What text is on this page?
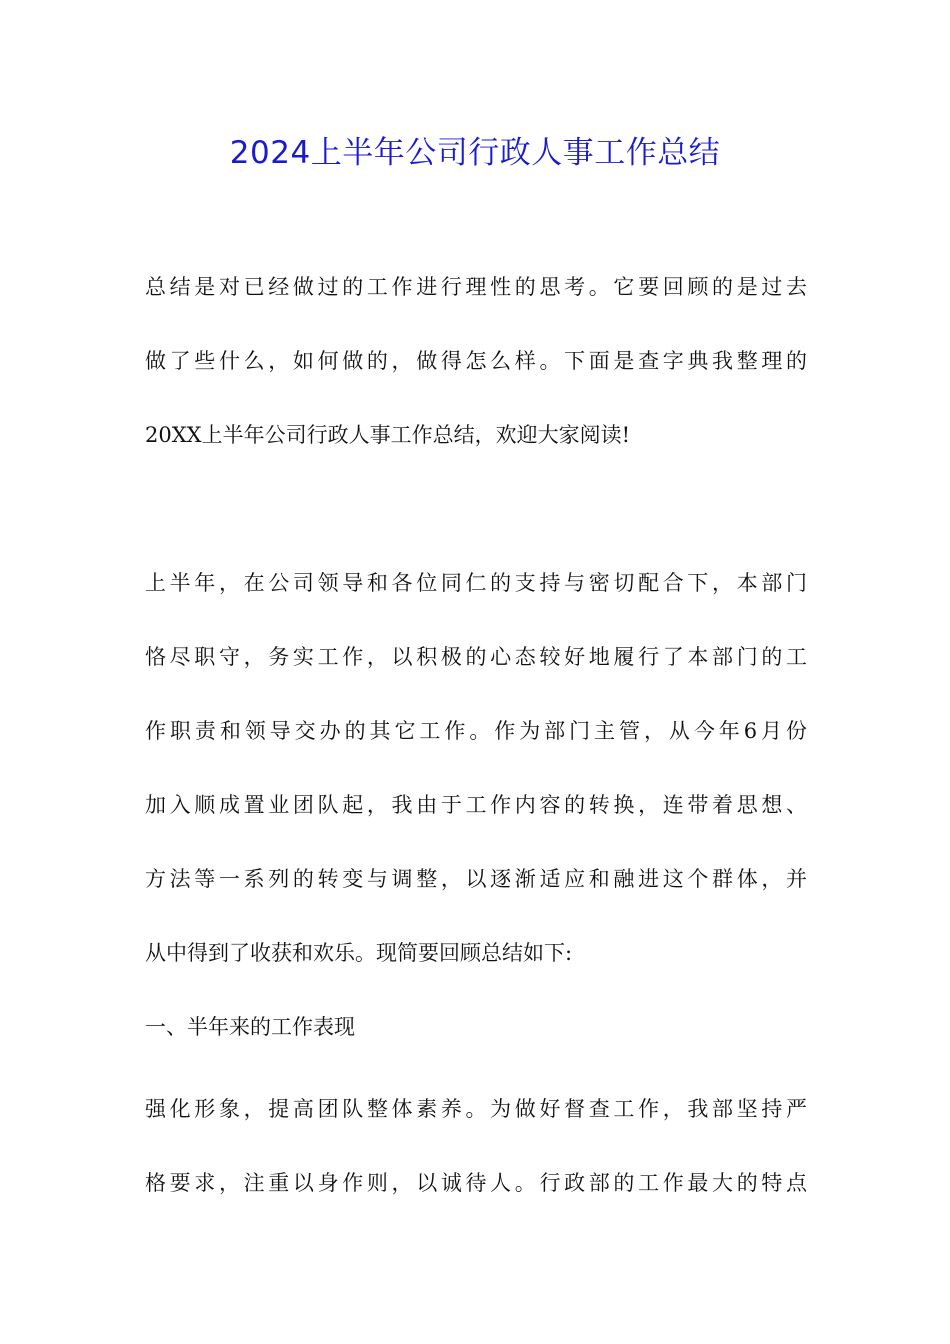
2024上半年公司行政人事工作总结
总结是对已经做过的工作进行理性的思考。它要回顾的是过去
做了些什么，如何做的，做得怎么样。下面是查字典我整理的
20XX上半年公司行政人事工作总结，欢迎大家阅读!
上半年，在公司领导和各位同仁的支持与密切配合下，本部门
恪尽职守，务实工作，以积极的心态较好地履行了本部门的工
作职责和领导交办的其它工作。作为部门主管，从今年6月份
加入顺成置业团队起，我由于工作内容的转换，连带着思想、
方法等一系列的转变与调整，以逐渐适应和融进这个群体，并
从中得到了收获和欢乐。现简要回顾总结如下:
一、半年来的工作表现
强化形象，提高团队整体素养。为做好督查工作，我部坚持严
格要求，注重以身作则，以诚待人。行政部的工作最大的特点
